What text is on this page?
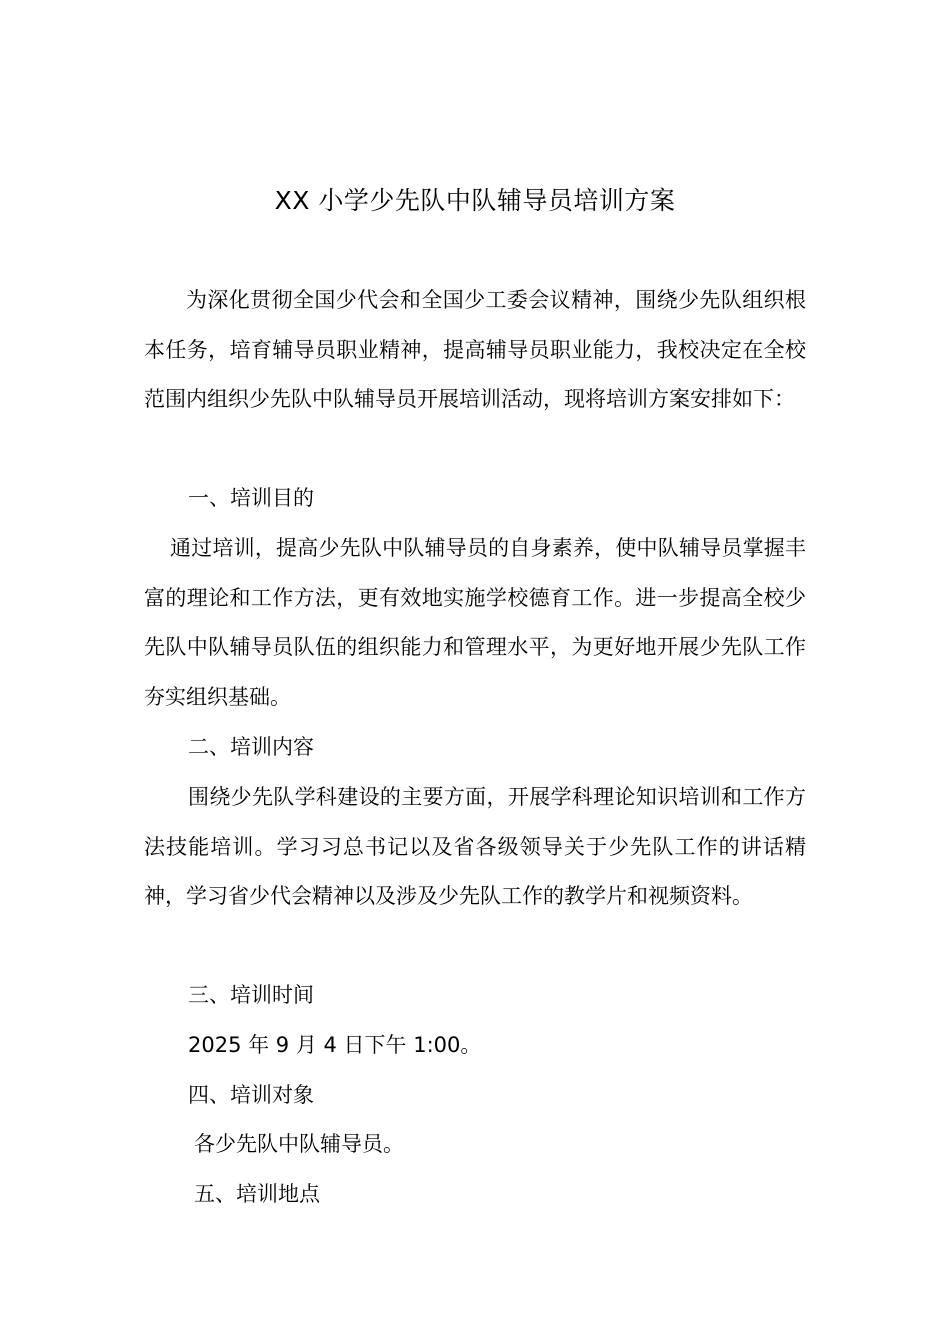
XX 小学少先队中队辅导员培训方案
为深化贯彻全国少代会和全国少工委会议精神，围绕少先队组织根本任务，培育辅导员职业精神，提高辅导员职业能力，我校决定在全校范围内组织少先队中队辅导员开展培训活动，现将培训方案安排如下：
一、培训目的
通过培训，提高少先队中队辅导员的自身素养，使中队辅导员掌握丰富的理论和工作方法，更有效地实施学校德育工作。进一步提高全校少先队中队辅导员队伍的组织能力和管理水平，为更好地开展少先队工作夯实组织基础。
二、培训内容
围绕少先队学科建设的主要方面，开展学科理论知识培训和工作方法技能培训。学习习总书记以及省各级领导关于少先队工作的讲话精神，学习省少代会精神以及涉及少先队工作的教学片和视频资料。
三、培训时间
2025 年 9 月 4 日下午 1:00。
四、培训对象
各少先队中队辅导员。
五、培训地点
